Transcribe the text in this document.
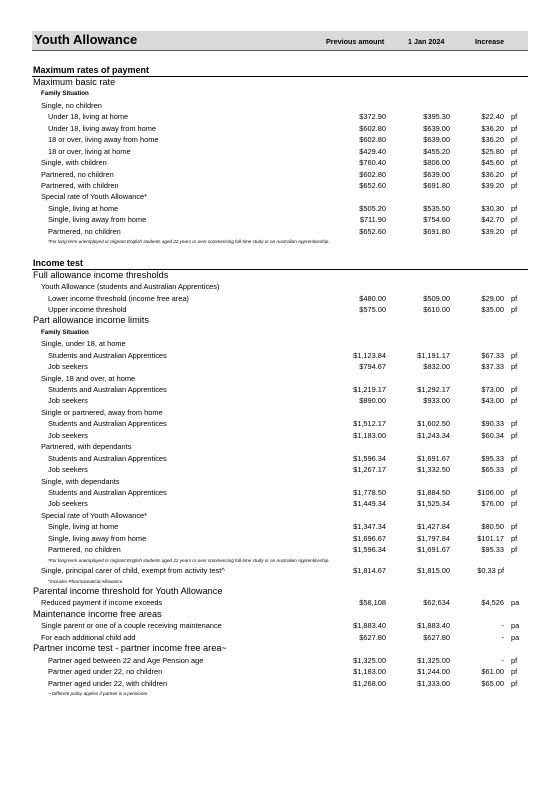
Youth Allowance	Previous amount	1 Jan 2024	Increase
Maximum rates of payment
Maximum basic rate
Family Situation
Single, no children
Under 18, living at home	$372.90	$395.30	$22.40 pf
Under 18, living away from home	$602.80	$639.00	$36.20 pf
18 or over, living away from home	$602.80	$639.00	$36.20 pf
18 or over, living at home	$429.40	$455.20	$25.80 pf
Single, with children	$760.40	$806.00	$45.60 pf
Partnered, no children	$602.80	$639.00	$36.20 pf
Partnered, with children	$652.60	$691.80	$39.20 pf
Special rate of Youth Allowance*
Single, living at home	$505.20	$535.50	$30.30 pf
Single, living away from home	$711.90	$754.60	$42.70 pf
Partnered, no children	$652.60	$691.80	$39.20 pf
*For long-term unemployed or migrant English students aged 22 years or over commencing full-time study or an Australian Apprenticeship.
Income test
Full allowance income thresholds
Youth Allowance (students and Australian Apprentices)
Lower income threshold (income free area)	$480.00	$509.00	$29.00 pf
Upper income threshold	$575.00	$610.00	$35.00 pf
Part allowance income limits
Family Situation
Single, under 18, at home
Students and Australian Apprentices	$1,123.84	$1,191.17	$67.33 pf
Job seekers	$794.67	$832.00	$37.33 pf
Single, 18 and over, at home
Students and Australian Apprentices	$1,219.17	$1,292.17	$73.00 pf
Job seekers	$890.00	$933.00	$43.00 pf
Single or partnered, away from home
Students and Australian Apprentices	$1,512.17	$1,602.50	$90.33 pf
Job seekers	$1,183.00	$1,243.34	$60.34 pf
Partnered, with dependants
Students and Australian Apprentices	$1,596.34	$1,691.67	$95.33 pf
Job seekers	$1,267.17	$1,332.50	$65.33 pf
Single, with dependants
Students and Australian Apprentices	$1,778.50	$1,884.50	$106.00 pf
Job seekers	$1,449.34	$1,525.34	$76.00 pf
Special rate of Youth Allowance*
Single, living at home	$1,347.34	$1,427.84	$80.50 pf
Single, living away from home	$1,696.67	$1,797.84	$101.17 pf
Partnered, no children	$1,596.34	$1,691.67	$95.33 pf
*For long-term unemployed or migrant English students aged 22 years or over commencing full-time study or an Australian Apprenticeship.
Single, principal carer of child, exempt from activity test^	$1,814.67	$1,815.00	$0.33 pf
^Includes Pharmaceutical Allowance.
Parental income threshold for Youth Allowance
Reduced payment if income exceeds	$58,108	$62,634	$4,526 pa
Maintenance income free areas
Single parent or one of a couple receiving maintenance	$1,883.40	$1,883.40	- pa
For each additional child add	$627.80	$627.80	- pa
Partner income test - partner income free area~
Partner aged between 22 and Age Pension age	$1,325.00	$1,325.00	- pf
Partner aged under 22, no children	$1,183.00	$1,244.00	$61.00 pf
Partner aged under 22, with children	$1,268.00	$1,333.00	$65.00 pf
~ Different policy applies if partner is a pensioner.
